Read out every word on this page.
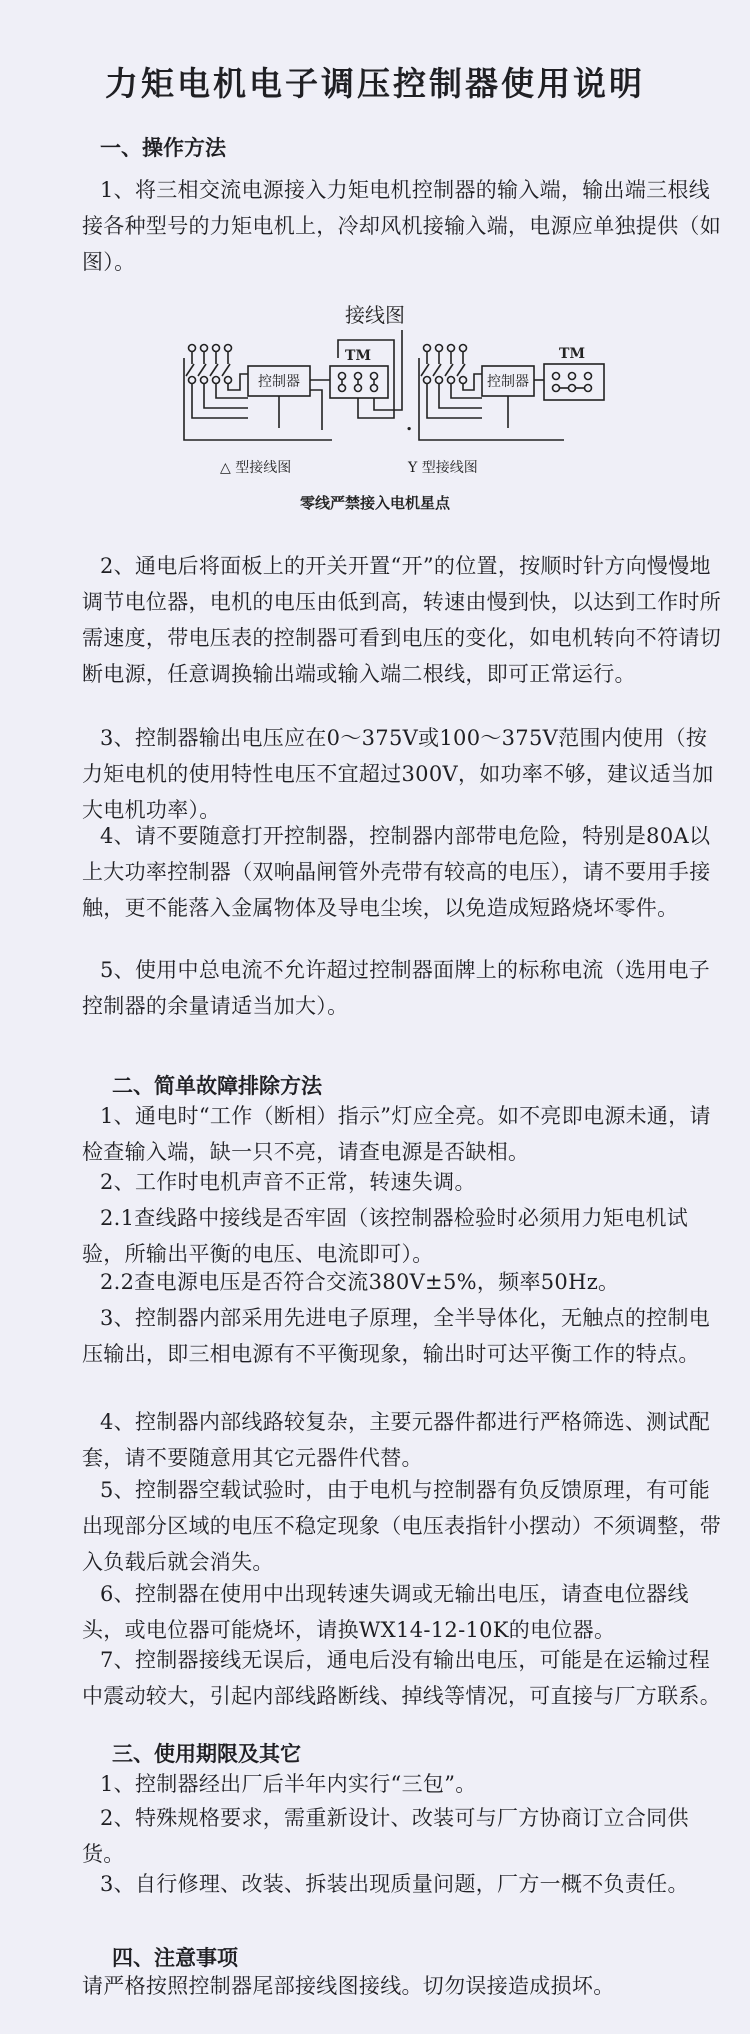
力矩电机电子调压控制器使用说明
一、操作方法
1、将三相交流电源接入力矩电机控制器的输入端，输出端三根线接各种型号的力矩电机上，冷却风机接输入端，电源应单独提供（如图）。
接线图
控制器	控制器
TM	TM
.
△ 型接线图	Y 型接线图
零线严禁接入电机星点
2、通电后将面板上的开关开置“开”的位置，按顺时针方向慢慢地调节电位器，电机的电压由低到高，转速由慢到快，以达到工作时所需速度，带电压表的控制器可看到电压的变化，如电机转向不符请切断电源，任意调换输出端或输入端二根线，即可正常运行。
3、控制器输出电压应在0～375V或100～375V范围内使用（按力矩电机的使用特性电压不宜超过300V，如功率不够，建议适当加大电机功率）。
4、请不要随意打开控制器，控制器内部带电危险，特别是80A以上大功率控制器（双响晶闸管外壳带有较高的电压），请不要用手接触，更不能落入金属物体及导电尘埃，以免造成短路烧坏零件。
5、使用中总电流不允许超过控制器面牌上的标称电流（选用电子控制器的余量请适当加大）。
二、简单故障排除方法
1、通电时“工作（断相）指示”灯应全亮。如不亮即电源未通，请检查输入端，缺一只不亮，请查电源是否缺相。
2、工作时电机声音不正常，转速失调。
2.1查线路中接线是否牢固（该控制器检验时必须用力矩电机试验，所输出平衡的电压、电流即可）。
2.2查电源电压是否符合交流380V±5%，频率50Hz。
3、控制器内部采用先进电子原理，全半导体化，无触点的控制电压输出，即三相电源有不平衡现象，输出时可达平衡工作的特点。
4、控制器内部线路较复杂，主要元器件都进行严格筛选、测试配套，请不要随意用其它元器件代替。
5、控制器空载试验时，由于电机与控制器有负反馈原理，有可能出现部分区域的电压不稳定现象（电压表指针小摆动）不须调整，带入负载后就会消失。
6、控制器在使用中出现转速失调或无输出电压，请查电位器线头，或电位器可能烧坏，请换WX14-12-10K的电位器。
7、控制器接线无误后，通电后没有输出电压，可能是在运输过程中震动较大，引起内部线路断线、掉线等情况，可直接与厂方联系。
三、使用期限及其它
1、控制器经出厂后半年内实行“三包”。
2、特殊规格要求，需重新设计、改装可与厂方协商订立合同供货。
3、自行修理、改装、拆装出现质量问题，厂方一概不负责任。
四、注意事项
请严格按照控制器尾部接线图接线。切勿误接造成损坏。
